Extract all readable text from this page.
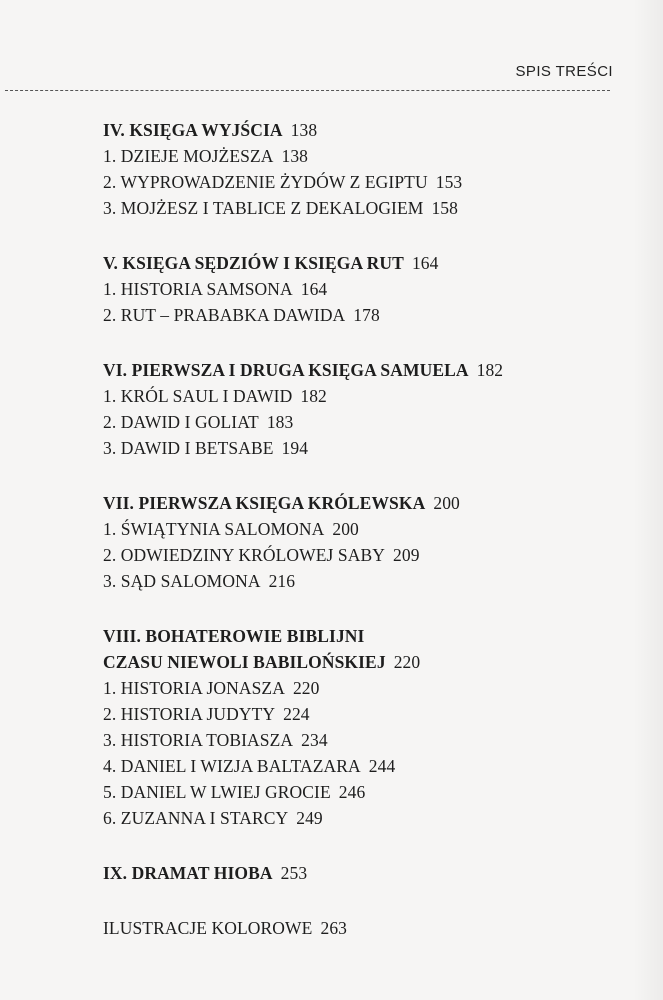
SPIS TREŚCI
IV. KSIĘGA WYJŚCIA 138
1. DZIEJE MOJŻESZA 138
2. WYPROWADZENIE ŻYDÓW Z EGIPTU 153
3. MOJŻESZ I TABLICE Z DEKALOGIEM 158
V. KSIĘGA SĘDZIÓW I KSIĘGA RUT 164
1. HISTORIA SAMSONA 164
2. RUT – PRABABKA DAWIDA 178
VI. PIERWSZA I DRUGA KSIĘGA SAMUELA 182
1. KRÓL SAUL I DAWID 182
2. DAWID I GOLIAT 183
3. DAWID I BETSABE 194
VII. PIERWSZA KSIĘGA KRÓLEWSKA 200
1. ŚWIĄTYNIA SALOMONA 200
2. ODWIEDZINY KRÓLOWEJ SABY 209
3. SĄD SALOMONA 216
VIII. BOHATEROWIE BIBLIJNI
CZASU NIEWOLI BABILOŃSKIEJ 220
1. HISTORIA JONASZA 220
2. HISTORIA JUDYTY 224
3. HISTORIA TOBIASZA 234
4. DANIEL I WIZJA BALTAZARA 244
5. DANIEL W LWIEJ GROCIE 246
6. ZUZANNA I STARCY 249
IX. DRAMAT HIOBA 253
ILUSTRACJE KOLOROWE 263
